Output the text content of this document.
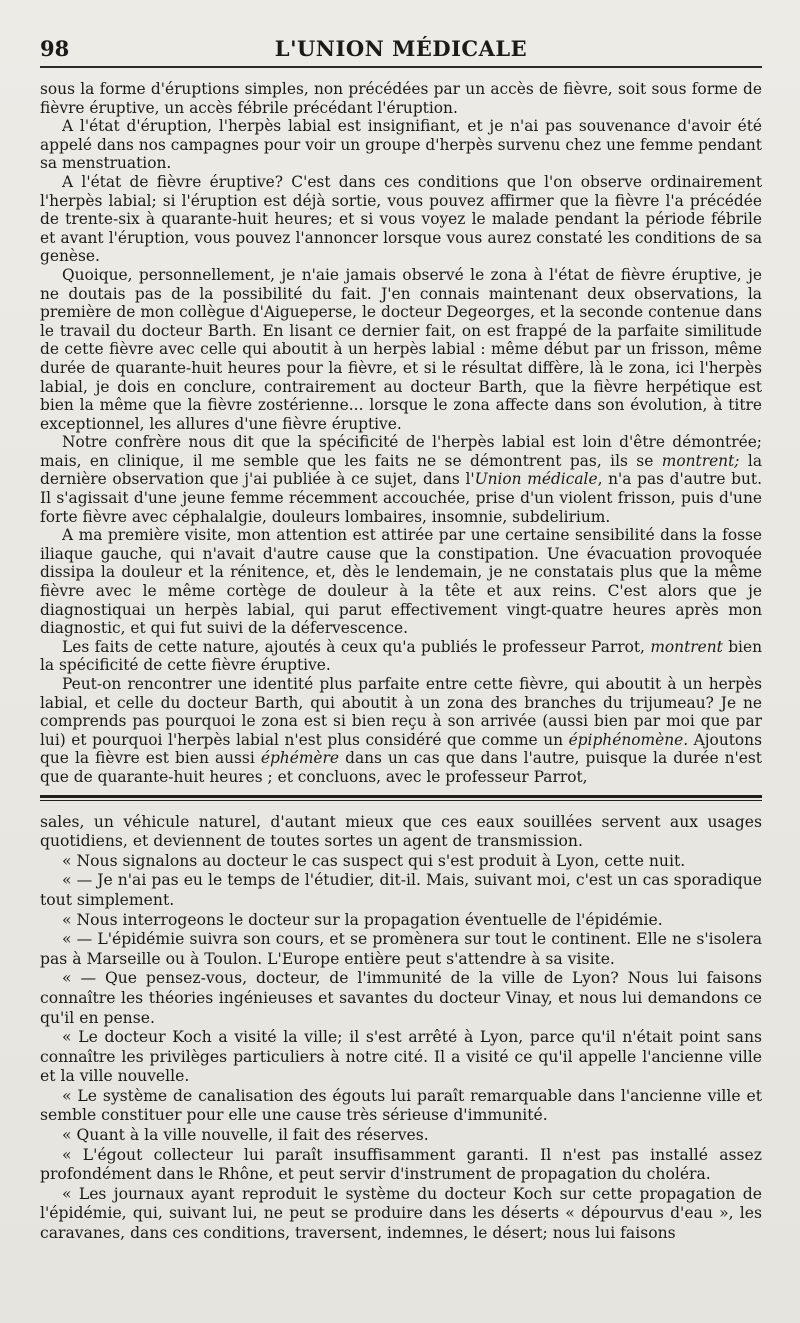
98	L'UNION MÉDICALE

sous la forme d'éruptions simples, non précédées par un accès de fièvre, soit sous forme de fièvre éruptive, un accès fébrile précédant l'éruption.

A l'état d'éruption, l'herpès labial est insignifiant, et je n'ai pas souvenance d'avoir été appelé dans nos campagnes pour voir un groupe d'herpès survenu chez une femme pendant sa menstruation.

A l'état de fièvre éruptive? C'est dans ces conditions que l'on observe ordinairement l'herpès labial; si l'éruption est déjà sortie, vous pouvez affirmer que la fièvre l'a précédée de trente-six à quarante-huit heures; et si vous voyez le malade pendant la période fébrile et avant l'éruption, vous pouvez l'annoncer lorsque vous aurez constaté les conditions de sa genèse.

Quoique, personnellement, je n'aie jamais observé le zona à l'état de fièvre éruptive, je ne doutais pas de la possibilité du fait. J'en connais maintenant deux observations, la première de mon collègue d'Aigueperse, le docteur Degeorges, et la seconde contenue dans le travail du docteur Barth. En lisant ce dernier fait, on est frappé de la parfaite similitude de cette fièvre avec celle qui aboutit à un herpès labial : même début par un frisson, même durée de quarante-huit heures pour la fièvre, et si le résultat diffère, là le zona, ici l'herpès labial, je dois en conclure, contrairement au docteur Barth, que la fièvre herpétique est bien la même que la fièvre zostérienne... lorsque le zona affecte dans son évolution, à titre exceptionnel, les allures d'une fièvre éruptive.

Notre confrère nous dit que la spécificité de l'herpès labial est loin d'être démontrée; mais, en clinique, il me semble que les faits ne se démontrent pas, ils se montrent; la dernière observation que j'ai publiée à ce sujet, dans l'Union médicale, n'a pas d'autre but. Il s'agissait d'une jeune femme récemment accouchée, prise d'un violent frisson, puis d'une forte fièvre avec céphalalgie, douleurs lombaires, insomnie, subdelirium.

A ma première visite, mon attention est attirée par une certaine sensibilité dans la fosse iliaque gauche, qui n'avait d'autre cause que la constipation. Une évacuation provoquée dissipa la douleur et la rénitence, et, dès le lendemain, je ne constatais plus que la même fièvre avec le même cortège de douleur à la tête et aux reins. C'est alors que je diagnostiquai un herpès labial, qui parut effectivement vingt-quatre heures après mon diagnostic, et qui fut suivi de la défervescence.

Les faits de cette nature, ajoutés à ceux qu'a publiés le professeur Parrot, montrent bien la spécificité de cette fièvre éruptive.

Peut-on rencontrer une identité plus parfaite entre cette fièvre, qui aboutit à un herpès labial, et celle du docteur Barth, qui aboutit à un zona des branches du trijumeau? Je ne comprends pas pourquoi le zona est si bien reçu à son arrivée (aussi bien par moi que par lui) et pourquoi l'herpès labial n'est plus considéré que comme un épiphénomène. Ajoutons que la fièvre est bien aussi éphémère dans un cas que dans l'autre, puisque la durée n'est que de quarante-huit heures ; et concluons, avec le professeur Parrot,

sales, un véhicule naturel, d'autant mieux que ces eaux souillées servent aux usages quotidiens, et deviennent de toutes sortes un agent de transmission.

« Nous signalons au docteur le cas suspect qui s'est produit à Lyon, cette nuit.

« — Je n'ai pas eu le temps de l'étudier, dit-il. Mais, suivant moi, c'est un cas sporadique tout simplement.

« Nous interrogeons le docteur sur la propagation éventuelle de l'épidémie.

« — L'épidémie suivra son cours, et se promènera sur tout le continent. Elle ne s'isolera pas à Marseille ou à Toulon. L'Europe entière peut s'attendre à sa visite.

« — Que pensez-vous, docteur, de l'immunité de la ville de Lyon? Nous lui faisons connaître les théories ingénieuses et savantes du docteur Vinay, et nous lui demandons ce qu'il en pense.

« Le docteur Koch a visité la ville; il s'est arrêté à Lyon, parce qu'il n'était point sans connaître les privilèges particuliers à notre cité. Il a visité ce qu'il appelle l'ancienne ville et la ville nouvelle.

« Le système de canalisation des égouts lui paraît remarquable dans l'ancienne ville et semble constituer pour elle une cause très sérieuse d'immunité.

« Quant à la ville nouvelle, il fait des réserves.

« L'égout collecteur lui paraît insuffisamment garanti. Il n'est pas installé assez profondément dans le Rhône, et peut servir d'instrument de propagation du choléra.

« Les journaux ayant reproduit le système du docteur Koch sur cette propagation de l'épidémie, qui, suivant lui, ne peut se produire dans les déserts « dépourvus d'eau », les caravanes, dans ces conditions, traversent, indemnes, le désert; nous lui faisons
